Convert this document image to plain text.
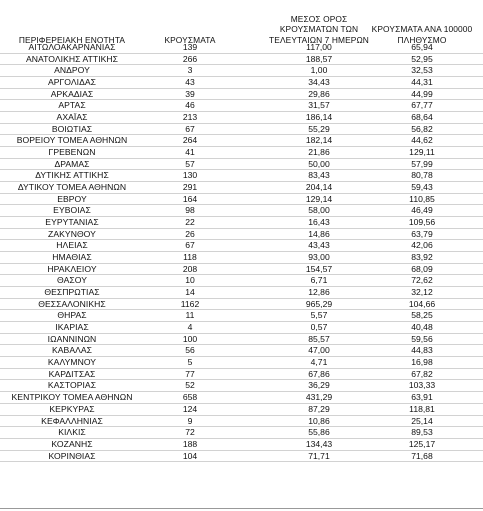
ΠΕΡΙΦΕΡΕΙΑΚΗ ΕΝΟΤΗΤΑ	ΚΡΟΥΣΜΑΤΑ
ΜΕΣΟΣ ΟΡΟΣ
ΚΡΟΥΣΜΑΤΩΝ ΤΩΝ
ΤΕΛΕΥΤΑΙΩΝ 7 ΗΜΕΡΩΝ
ΚΡΟΥΣΜΑΤΑ ΑΝΑ 100000
ΠΛΗΘΥΣΜΟ
ΑΙΤΩΛΟΑΚΑΡΝΑΝΙΑΣ	139	117,00	65,94
ΑΝΑΤΟΛΙΚΗΣ ΑΤΤΙΚΗΣ	266	188,57	52,95
ΑΝΔΡΟΥ	3	1,00	32,53
ΑΡΓΟΛΙΔΑΣ	43	34,43	44,31
ΑΡΚΑΔΙΑΣ	39	29,86	44,99
ΑΡΤΑΣ	46	31,57	67,77
ΑΧΑΪΑΣ	213	186,14	68,64
ΒΟΙΩΤΙΑΣ	67	55,29	56,82
ΒΟΡΕΙΟΥ ΤΟΜΕΑ ΑΘΗΝΩΝ	264	182,14	44,62
ΓΡΕΒΕΝΩΝ	41	21,86	129,11
ΔΡΑΜΑΣ	57	50,00	57,99
ΔΥΤΙΚΗΣ ΑΤΤΙΚΗΣ	130	83,43	80,78
ΔΥΤΙΚΟΥ ΤΟΜΕΑ ΑΘΗΝΩΝ	291	204,14	59,43
ΕΒΡΟΥ	164	129,14	110,85
ΕΥΒΟΙΑΣ	98	58,00	46,49
ΕΥΡΥΤΑΝΙΑΣ	22	16,43	109,56
ΖΑΚΥΝΘΟΥ	26	14,86	63,79
ΗΛΕΙΑΣ	67	43,43	42,06
ΗΜΑΘΙΑΣ	118	93,00	83,92
ΗΡΑΚΛΕΙΟΥ	208	154,57	68,09
ΘΑΣΟΥ	10	6,71	72,62
ΘΕΣΠΡΩΤΙΑΣ	14	12,86	32,12
ΘΕΣΣΑΛΟΝΙΚΗΣ	1162	965,29	104,66
ΘΗΡΑΣ	11	5,57	58,25
ΙΚΑΡΙΑΣ	4	0,57	40,48
ΙΩΑΝΝΙΝΩΝ	100	85,57	59,56
ΚΑΒΑΛΑΣ	56	47,00	44,83
ΚΑΛΥΜΝΟΥ	5	4,71	16,98
ΚΑΡΔΙΤΣΑΣ	77	67,86	67,82
ΚΑΣΤΟΡΙΑΣ	52	36,29	103,33
ΚΕΝΤΡΙΚΟΥ ΤΟΜΕΑ ΑΘΗΝΩΝ	658	431,29	63,91
ΚΕΡΚΥΡΑΣ	124	87,29	118,81
ΚΕΦΑΛΛΗΝΙΑΣ	9	10,86	25,14
ΚΙΛΚΙΣ	72	55,86	89,53
ΚΟΖΑΝΗΣ	188	134,43	125,17
ΚΟΡΙΝΘΙΑΣ	104	71,71	71,68
